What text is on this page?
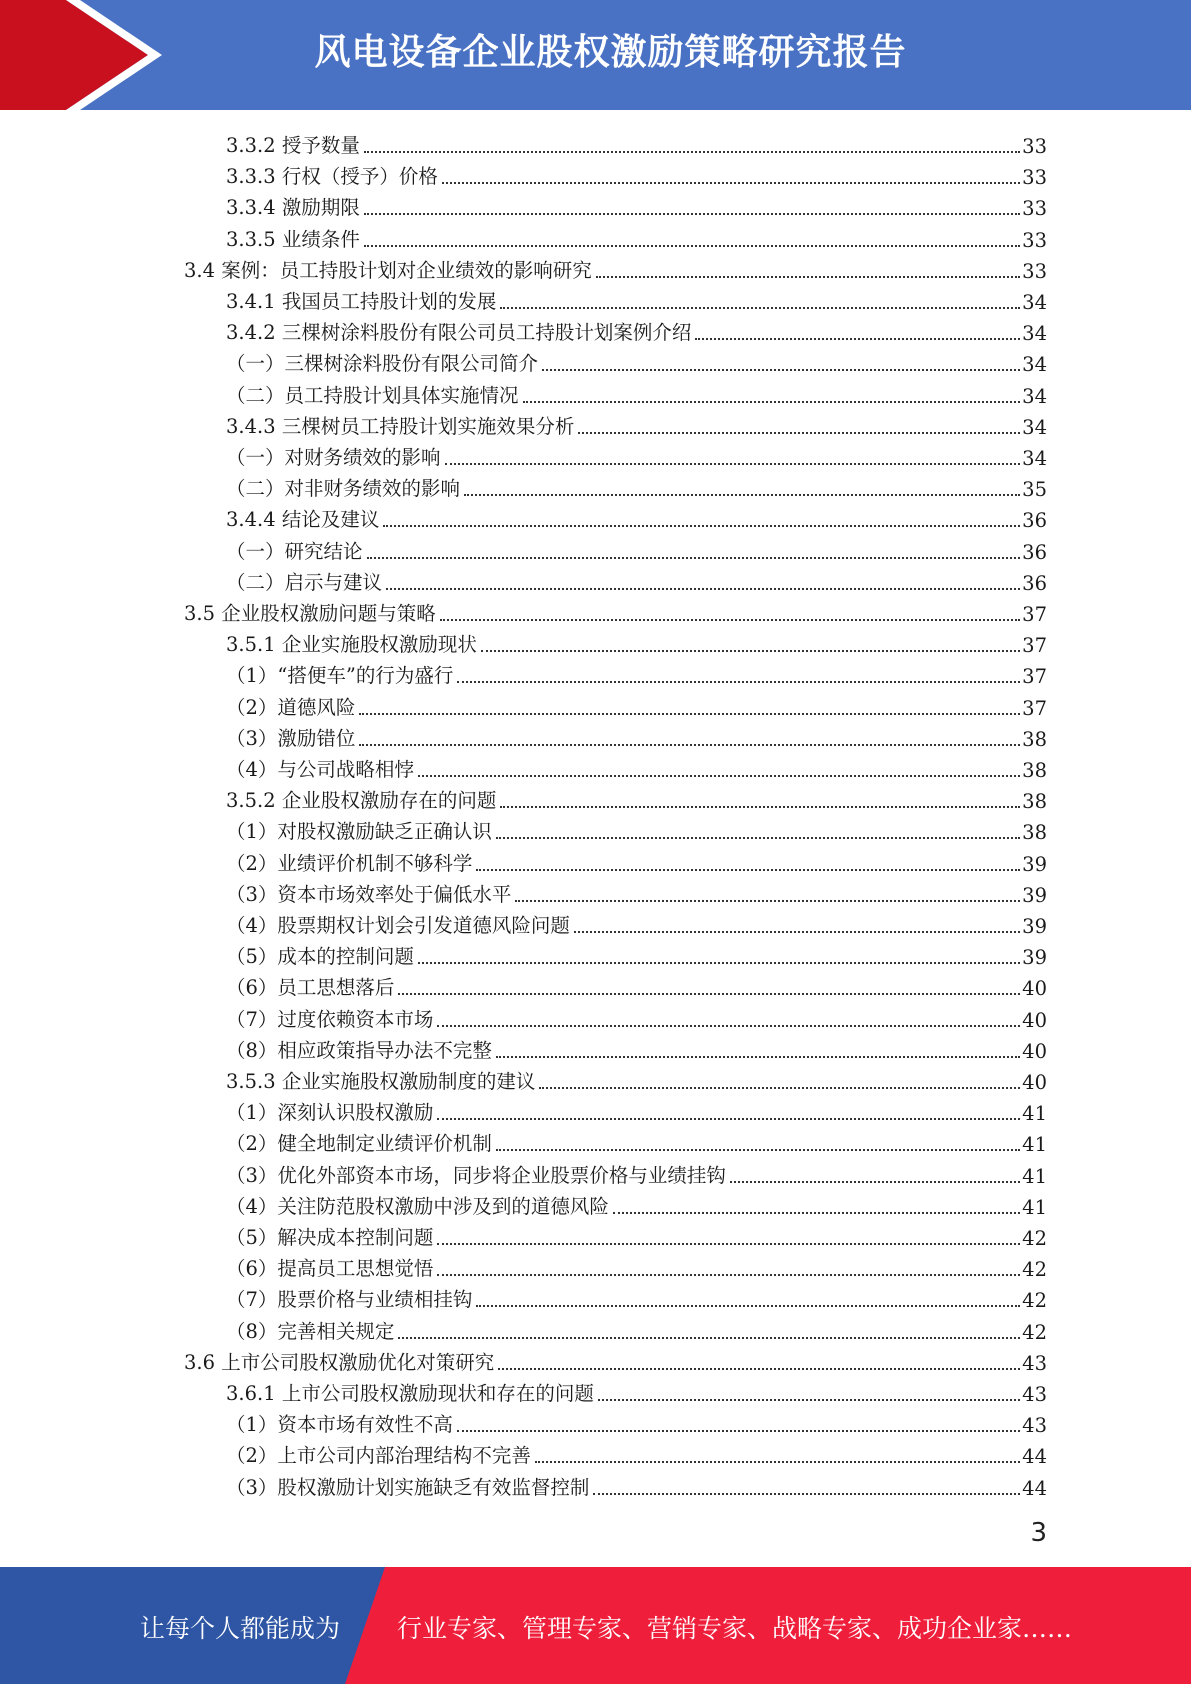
风电设备企业股权激励策略研究报告
3.3.2 授予数量	33
3.3.3 行权（授予）价格	33
3.3.4 激励期限	33
3.3.5 业绩条件	33
3.4 案例：员工持股计划对企业绩效的影响研究	33
3.4.1 我国员工持股计划的发展	34
3.4.2 三棵树涂料股份有限公司员工持股计划案例介绍	34
（一）三棵树涂料股份有限公司简介	34
（二）员工持股计划具体实施情况	34
3.4.3 三棵树员工持股计划实施效果分析	34
（一）对财务绩效的影响	34
（二）对非财务绩效的影响	35
3.4.4 结论及建议	36
（一）研究结论	36
（二）启示与建议	36
3.5 企业股权激励问题与策略	37
3.5.1 企业实施股权激励现状	37
（1）“搭便车”的行为盛行	37
（2）道德风险	37
（3）激励错位	38
（4）与公司战略相悖	38
3.5.2 企业股权激励存在的问题	38
（1）对股权激励缺乏正确认识	38
（2）业绩评价机制不够科学	39
（3）资本市场效率处于偏低水平	39
（4）股票期权计划会引发道德风险问题	39
（5）成本的控制问题	39
（6）员工思想落后	40
（7）过度依赖资本市场	40
（8）相应政策指导办法不完整	40
3.5.3 企业实施股权激励制度的建议	40
（1）深刻认识股权激励	41
（2）健全地制定业绩评价机制	41
（3）优化外部资本市场，同步将企业股票价格与业绩挂钩	41
（4）关注防范股权激励中涉及到的道德风险	41
（5）解决成本控制问题	42
（6）提高员工思想觉悟	42
（7）股票价格与业绩相挂钩	42
（8）完善相关规定	42
3.6 上市公司股权激励优化对策研究	43
3.6.1 上市公司股权激励现状和存在的问题	43
（1）资本市场有效性不高	43
（2）上市公司内部治理结构不完善	44
（3）股权激励计划实施缺乏有效监督控制	44
3
让每个人都能成为 行业专家、管理专家、营销专家、战略专家、成功企业家……
